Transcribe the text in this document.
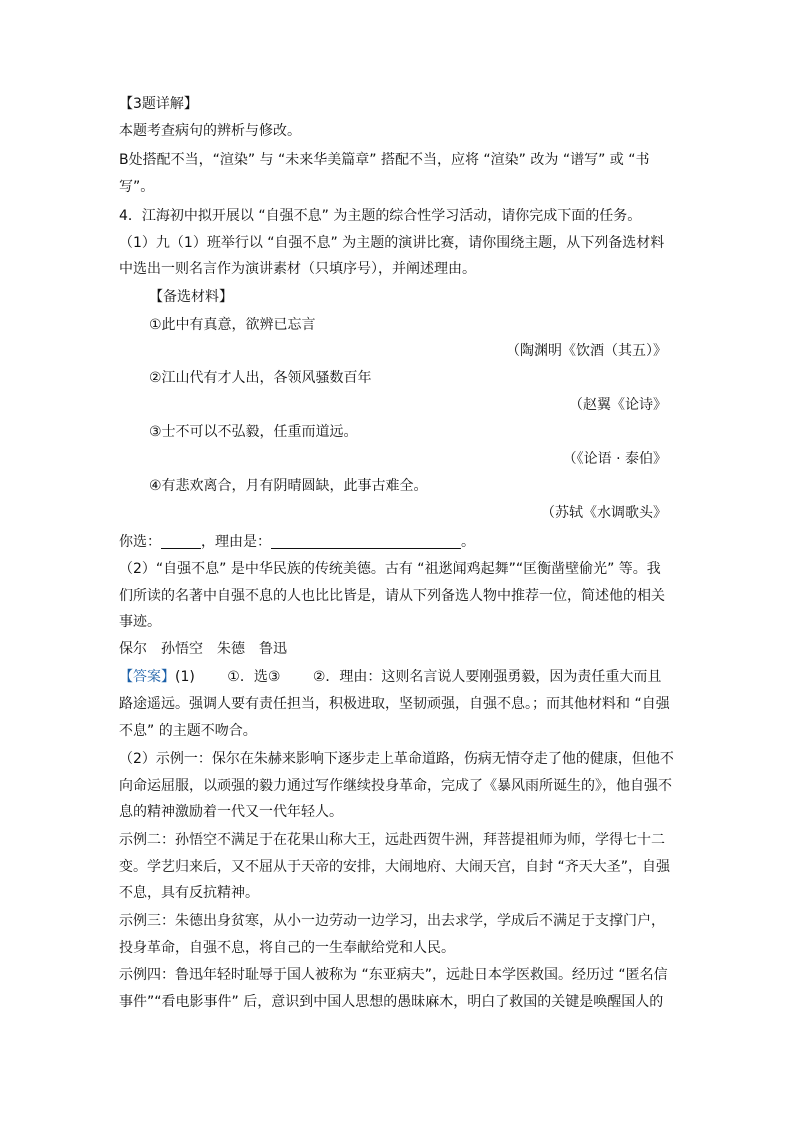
【3题详解】
本题考查病句的辨析与修改。
B处搭配不当，“渲染” 与 “未来华美篇章” 搭配不当，应将 “渲染” 改为 “谱写” 或 “书
写”。
4．江海初中拟开展以 “自强不息” 为主题的综合性学习活动，请你完成下面的任务。
（1）九（1）班举行以 “自强不息” 为主题的演讲比赛，请你围绕主题，从下列备选材料
中选出一则名言作为演讲素材（只填序号），并阐述理由。
【备选材料】
①此中有真意，欲辨已忘言
（陶渊明《饮酒（其五）》
②江山代有才人出，各领风骚数百年
（赵翼《论诗》
③士不可以不弘毅，任重而道远。
（《论语 · 泰伯》
④有悲欢离合，月有阴晴圆缺，此事古难全。
（苏轼《水调歌头》
你选：	，理由是：	。
（2）“自强不息” 是中华民族的传统美德。古有 “祖逖闻鸡起舞”“匡衡凿壁偷光” 等。我
们所读的名著中自强不息的人也比比皆是，请从下列备选人物中推荐一位，简述他的相关
事迹。
保尔　孙悟空　朱德　鲁迅
【答案】(1)　　 ①．选③　　 ②．理由：这则名言说人要刚强勇毅，因为责任重大而且
路途遥远。强调人要有责任担当，积极进取，坚韧顽强，自强不息。；而其他材料和 “自强
不息” 的主题不吻合。
（2）示例一：保尔在朱赫来影响下逐步走上革命道路，伤病无情夺走了他的健康，但他不
向命运屈服，以顽强的毅力通过写作继续投身革命，完成了《暴风雨所诞生的》，他自强不
息的精神激励着一代又一代年轻人。
示例二：孙悟空不满足于在花果山称大王，远赴西贺牛洲，拜菩提祖师为师，学得七十二
变。学艺归来后，又不屈从于天帝的安排，大闹地府、大闹天宫，自封 “齐天大圣”，自强
不息，具有反抗精神。
示例三：朱德出身贫寒，从小一边劳动一边学习，出去求学，学成后不满足于支撑门户，
投身革命，自强不息，将自己的一生奉献给党和人民。
示例四：鲁迅年轻时耻辱于国人被称为 “东亚病夫”，远赴日本学医救国。经历过 “匿名信
事件”“看电影事件” 后，意识到中国人思想的愚昧麻木，明白了救国的关键是唤醒国人的
